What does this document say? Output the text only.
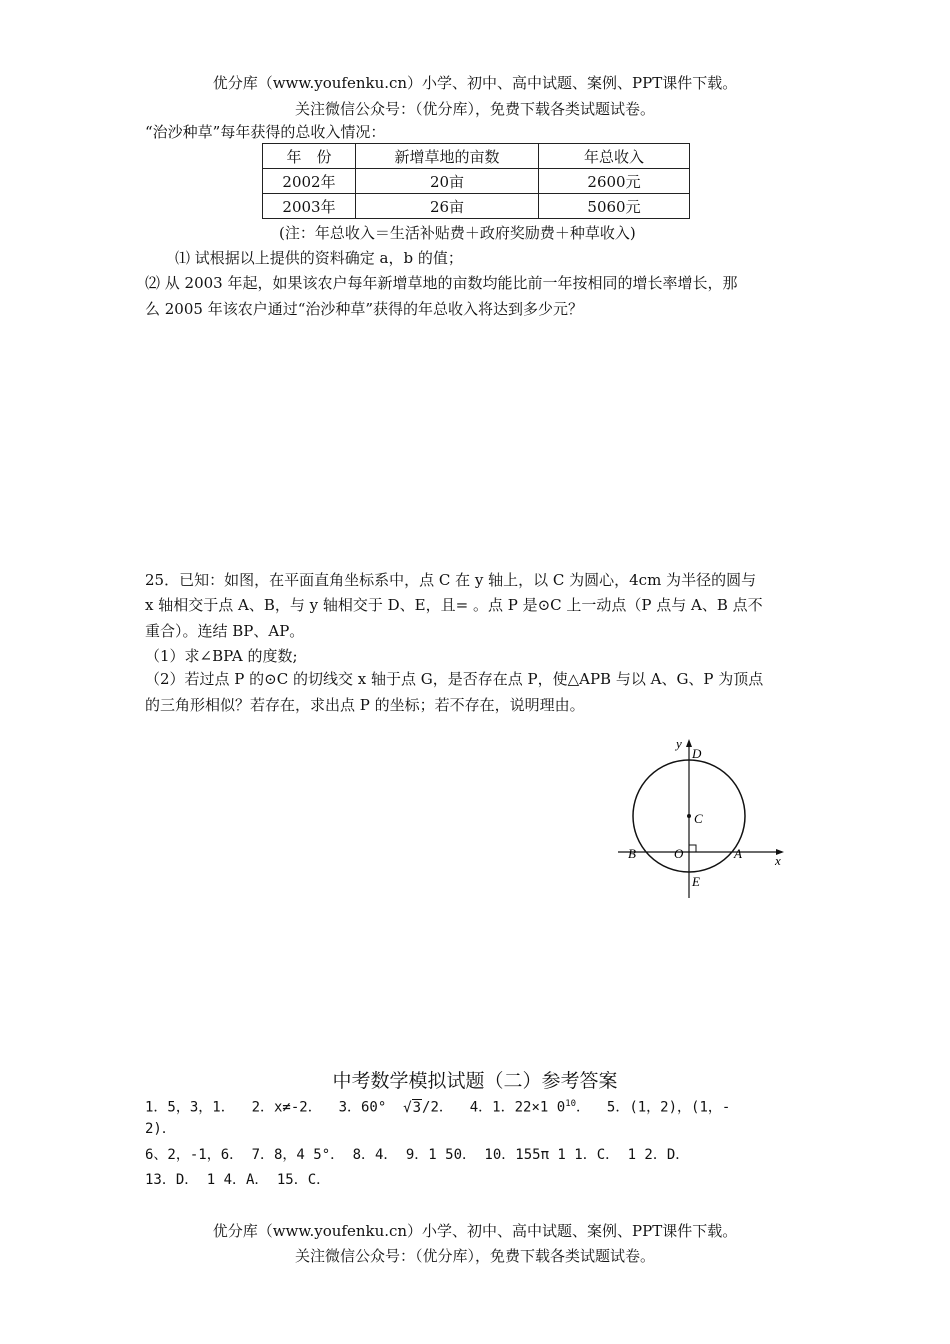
优分库（www.youfenku.cn）小学、初中、高中试题、案例、PPT课件下载。
关注微信公众号：（优分库），免费下载各类试题试卷。
“治沙种草”每年获得的总收入情况：
年　份	新增草地的亩数	年总收入
2002年	20亩	2600元
2003年	26亩	5060元
(注：年总收入＝生活补贴费＋政府奖励费＋种草收入)
⑴ 试根据以上提供的资料确定 a，b 的值；
⑵ 从 2003 年起，如果该农户每年新增草地的亩数均能比前一年按相同的增长率增长，那
么 2005 年该农户通过“治沙种草”获得的年总收入将达到多少元？
25．已知：如图，在平面直角坐标系中，点 C 在 y 轴上，以 C 为圆心，4cm 为半径的圆与
x 轴相交于点 A、B，与 y 轴相交于 D、E，且= 。点 P 是⊙C 上一动点（P 点与 A、B 点不
重合）。连结 BP、AP。
（1）求∠BPA 的度数;
（2）若过点 P 的⊙C 的切线交 x 轴于点 G，是否存在点 P，使△APB 与以 A、G、P 为顶点
的三角形相似？若存在，求出点 P 的坐标；若不存在，说明理由。
y
x
D
C
B	O	A
E
中考数学模拟试题（二）参考答案
1．5，3，1．  2．x≠-2．  3．60°  √3/2．  4．1．22×1 $0^{10}$．  5．(1，2)，(1，-
2)．
6、2，-1，6． 7．8，4 5°． 8．4． 9．1 50． 10．155π 1 1．C． 1 2．D．
13．D． 1 4．A． 15．C．
优分库（www.youfenku.cn）小学、初中、高中试题、案例、PPT课件下载。
关注微信公众号：（优分库），免费下载各类试题试卷。
